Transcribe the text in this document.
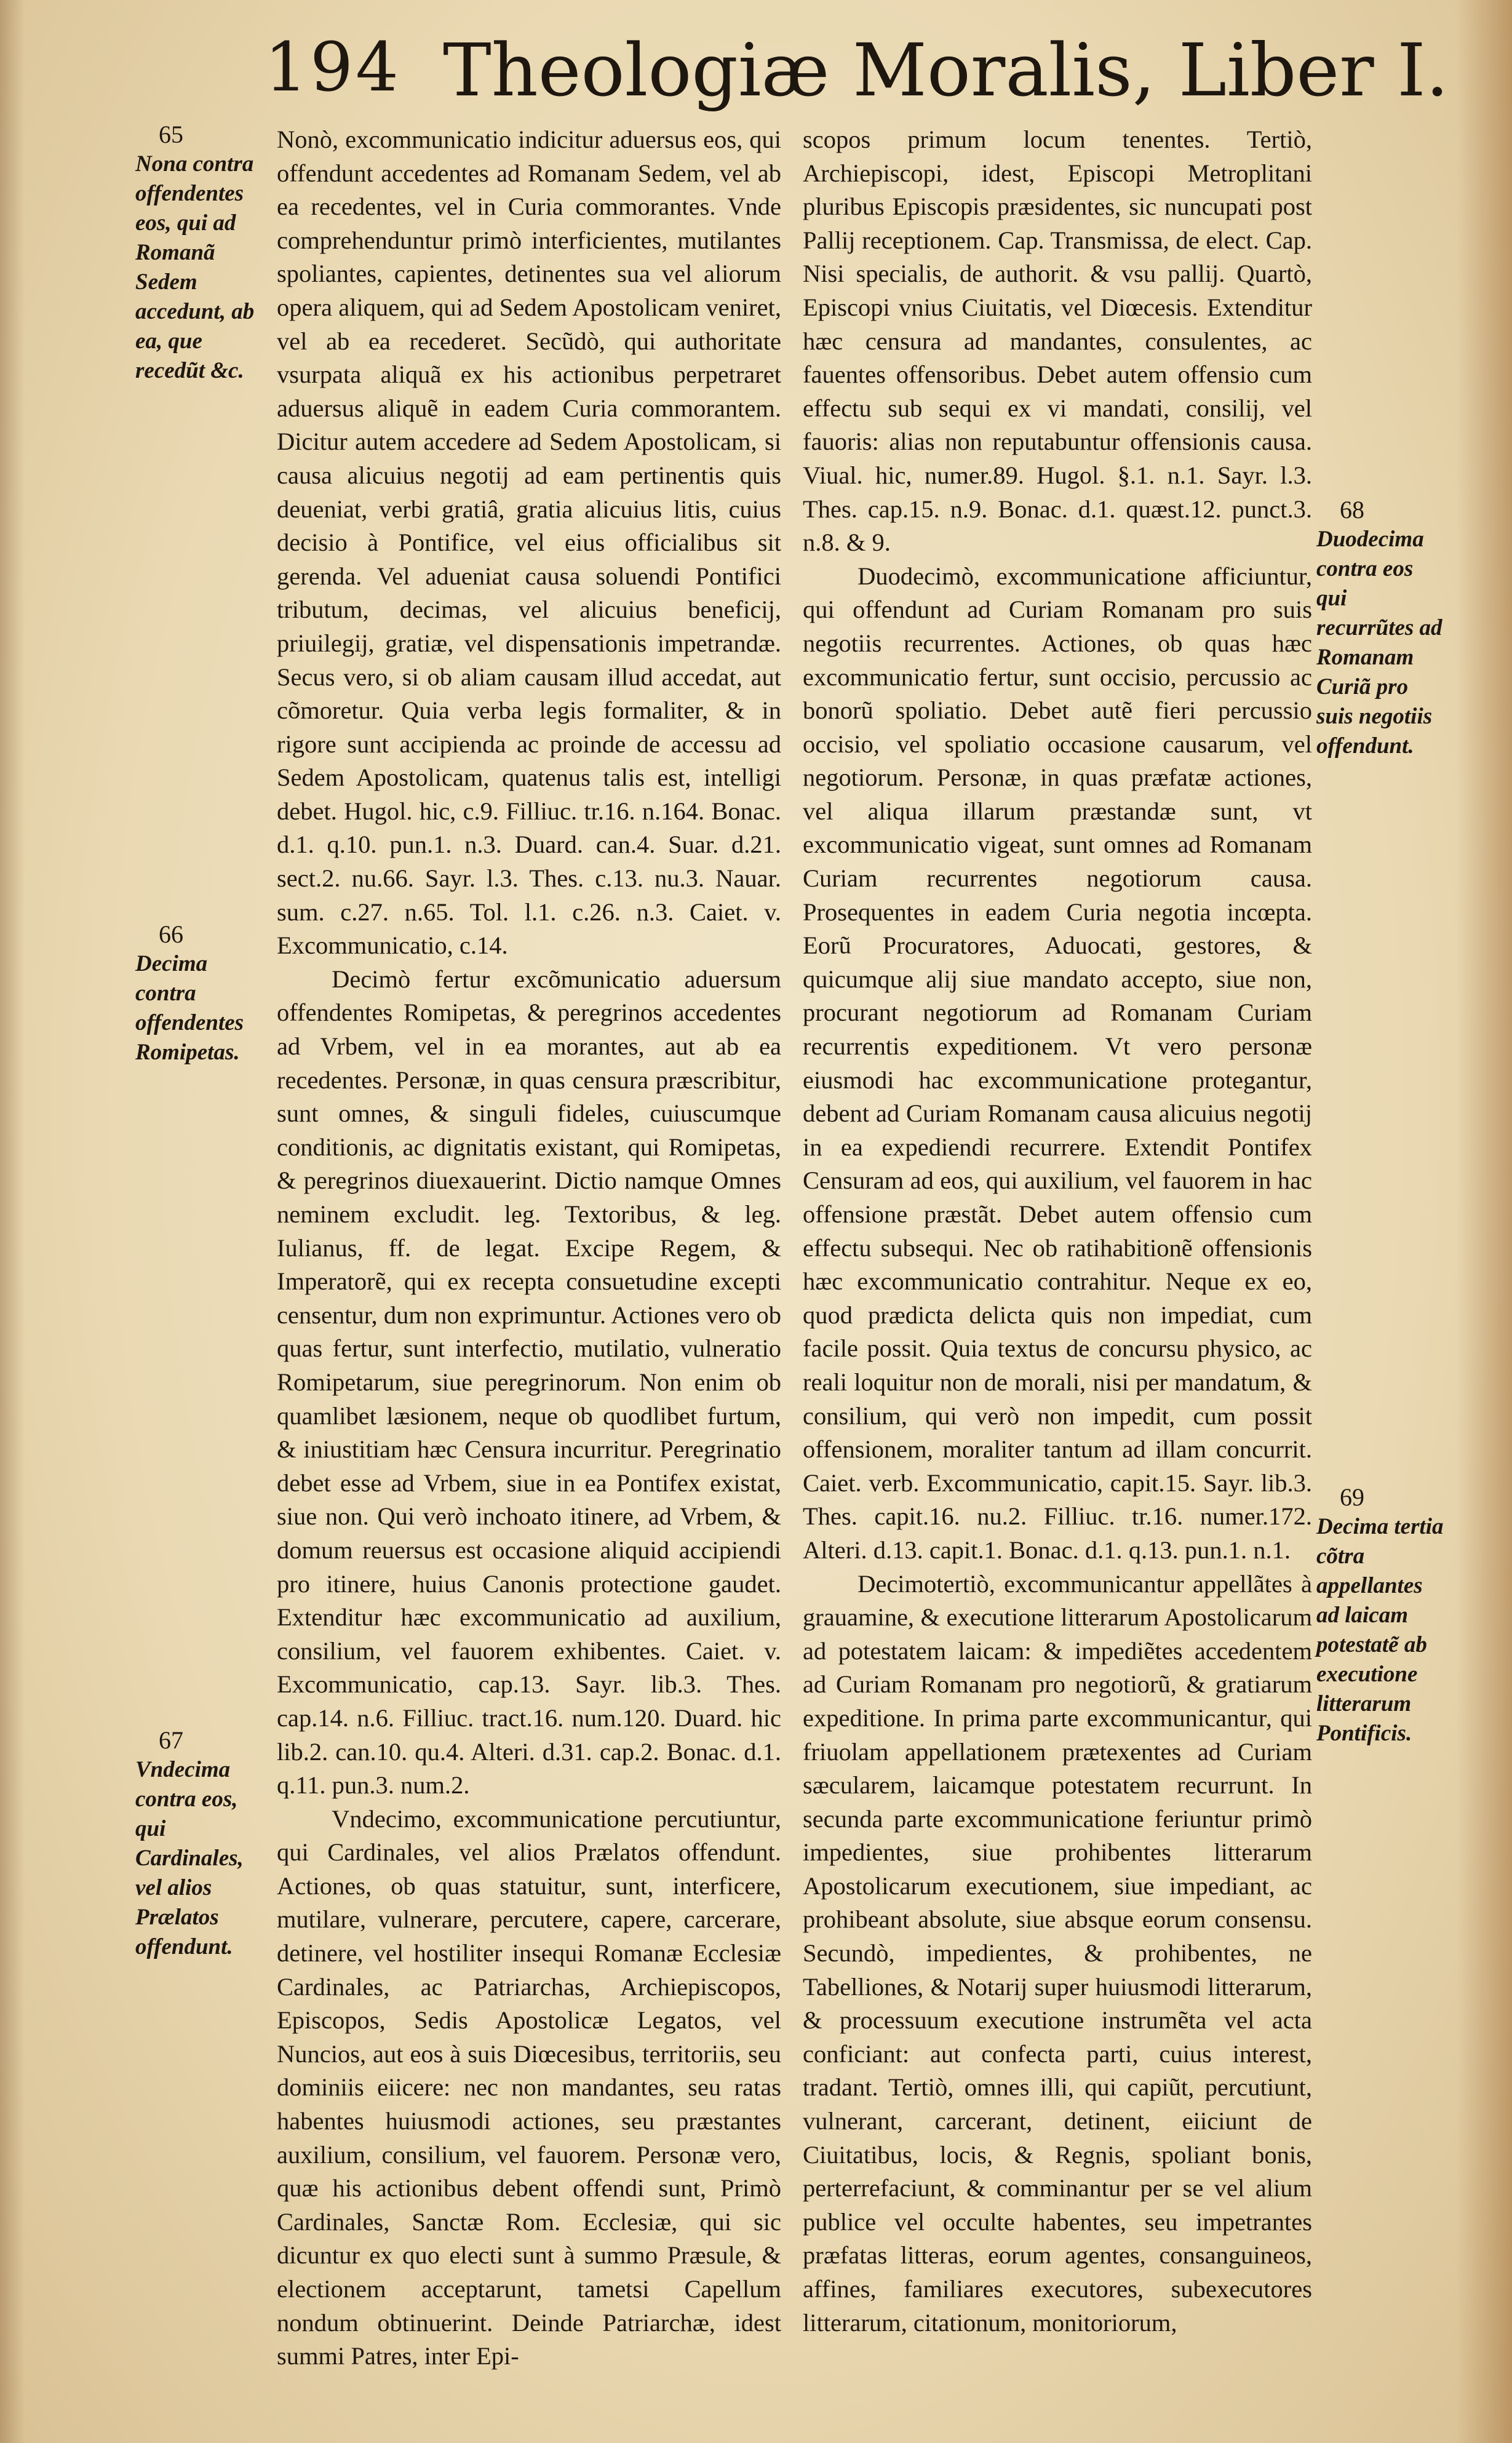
194 Theologiæ Moralis, Liber I.
65
Nona contra offendentes eos, qui ad Romanã Sedem accedunt, ab ea, que recedũt &c.
66
Decima contra offendentes Romipetas.
67
Vndecima contra eos, qui Cardinales, vel alios Prælatos offendunt.
68
Duodecima contra eos qui recurrũtes ad Romanam Curiã pro suis negotiis offendunt.
69
Decima tertia cõtra appellantes ad laicam potestatẽ ab executione litterarum Pontificis.

Nonò, excommunicatio indicitur aduersus eos, qui offendunt accedentes ad Romanam Sedem, vel ab ea recedentes, vel in Curia commorantes. Vnde comprehenduntur primò interficientes, mutilantes spoliantes, capientes, detinentes sua vel aliorum opera aliquem, qui ad Sedem Apostolicam veniret, vel ab ea recederet. Secũdò, qui authoritate vsurpata aliquã ex his actionibus perpetraret aduersus aliquẽ in eadem Curia commorantem. Dicitur autem accedere ad Sedem Apostolicam, si causa alicuius negotij ad eam pertinentis quis deueniat, verbi gratiâ, gratia alicuius litis, cuius decisio à Pontifice, vel eius officialibus sit gerenda. Vel adueniat causa soluendi Pontifici tributum, decimas, vel alicuius beneficij, priuilegij, gratiæ, vel dispensationis impetrandæ. Secus vero, si ob aliam causam illud accedat, aut cõmoretur. Quia verba legis formaliter, & in rigore sunt accipienda ac proinde de accessu ad Sedem Apostolicam, quatenus talis est, intelligi debet. Hugol. hic, c.9. Filliuc. tr.16. n.164. Bonac. d.1. q.10. pun.1. n.3. Duard. can.4. Suar. d.21. sect.2. nu.66. Sayr. l.3. Thes. c.13. nu.3. Nauar. sum. c.27. n.65. Tol. l.1. c.26. n.3. Caiet. v. Excommunicatio, c.14.

Decimò fertur excõmunicatio aduersum offendentes Romipetas, & peregrinos accedentes ad Vrbem, vel in ea morantes, aut ab ea recedentes. Personæ, in quas censura præscribitur, sunt omnes, & singuli fideles, cuiuscumque conditionis, ac dignitatis existant, qui Romipetas, & peregrinos diuexauerint. Dictio namque Omnes neminem excludit. leg. Textoribus, & leg. Iulianus, ff. de legat. Excipe Regem, & Imperatorẽ, qui ex recepta consuetudine excepti censentur, dum non exprimuntur. Actiones vero ob quas fertur, sunt interfectio, mutilatio, vulneratio Romipetarum, siue peregrinorum. Non enim ob quamlibet læsionem, neque ob quodlibet furtum, & iniustitiam hæc Censura incurritur. Peregrinatio debet esse ad Vrbem, siue in ea Pontifex existat, siue non. Qui verò inchoato itinere, ad Vrbem, & domum reuersus est occasione aliquid accipiendi pro itinere, huius Canonis protectione gaudet. Extenditur hæc excommunicatio ad auxilium, consilium, vel fauorem exhibentes. Caiet. v. Excommunicatio, cap.13. Sayr. lib.3. Thes. cap.14. n.6. Filliuc. tract.16. num.120. Duard. hic lib.2. can.10. qu.4. Alteri. d.31. cap.2. Bonac. d.1. q.11. pun.3. num.2.

Vndecimo, excommunicatione percutiuntur, qui Cardinales, vel alios Prælatos offendunt. Actiones, ob quas statuitur, sunt, interficere, mutilare, vulnerare, percutere, capere, carcerare, detinere, vel hostiliter insequi Romanæ Ecclesiæ Cardinales, ac Patriarchas, Archiepiscopos, Episcopos, Sedis Apostolicæ Legatos, vel Nuncios, aut eos à suis Diœcesibus, territoriis, seu dominiis eiicere: nec non mandantes, seu ratas habentes huiusmodi actiones, seu præstantes auxilium, consilium, vel fauorem. Personæ vero, quæ his actionibus debent offendi sunt, Primò Cardinales, Sanctæ Rom. Ecclesiæ, qui sic dicuntur ex quo electi sunt à summo Præsule, & electionem acceptarunt, tametsi Capellum nondum obtinuerint. Deinde Patriarchæ, idest summi Patres, inter Epi-

scopos primum locum tenentes. Tertiò, Archiepiscopi, idest, Episcopi Metroplitani pluribus Episcopis præsidentes, sic nuncupati post Pallij receptionem. Cap. Transmissa, de elect. Cap. Nisi specialis, de authorit. & vsu pallij. Quartò, Episcopi vnius Ciuitatis, vel Diœcesis. Extenditur hæc censura ad mandantes, consulentes, ac fauentes offensoribus. Debet autem offensio cum effectu sub sequi ex vi mandati, consilij, vel fauoris: alias non reputabuntur offensionis causa. Viual. hic, numer.89. Hugol. §.1. n.1. Sayr. l.3. Thes. cap.15. n.9. Bonac. d.1. quæst.12. punct.3. n.8. & 9.

Duodecimò, excommunicatione afficiuntur, qui offendunt ad Curiam Romanam pro suis negotiis recurrentes. Actiones, ob quas hæc excommunicatio fertur, sunt occisio, percussio ac bonorũ spoliatio. Debet autẽ fieri percussio occisio, vel spoliatio occasione causarum, vel negotiorum. Personæ, in quas præfatæ actiones, vel aliqua illarum præstandæ sunt, vt excommunicatio vigeat, sunt omnes ad Romanam Curiam recurrentes negotiorum causa. Prosequentes in eadem Curia negotia incœpta. Eorũ Procuratores, Aduocati, gestores, & quicumque alij siue mandato accepto, siue non, procurant negotiorum ad Romanam Curiam recurrentis expeditionem. Vt vero personæ eiusmodi hac excommunicatione protegantur, debent ad Curiam Romanam causa alicuius negotij in ea expediendi recurrere. Extendit Pontifex Censuram ad eos, qui auxilium, vel fauorem in hac offensione præstãt. Debet autem offensio cum effectu subsequi. Nec ob ratihabitionẽ offensionis hæc excommunicatio contrahitur. Neque ex eo, quod prædicta delicta quis non impediat, cum facile possit. Quia textus de concursu physico, ac reali loquitur non de morali, nisi per mandatum, & consilium, qui verò non impedit, cum possit offensionem, moraliter tantum ad illam concurrit. Caiet. verb. Excommunicatio, capit.15. Sayr. lib.3. Thes. capit.16. nu.2. Filliuc. tr.16. numer.172. Alteri. d.13. capit.1. Bonac. d.1. q.13. pun.1. n.1.

Decimotertiò, excommunicantur appellãtes à grauamine, & executione litterarum Apostolicarum ad potestatem laicam: & impediẽtes accedentem ad Curiam Romanam pro negotiorũ, & gratiarum expeditione. In prima parte excommunicantur, qui friuolam appellationem prætexentes ad Curiam sæcularem, laicamque potestatem recurrunt. In secunda parte excommunicatione feriuntur primò impedientes, siue prohibentes litterarum Apostolicarum executionem, siue impediant, ac prohibeant absolute, siue absque eorum consensu. Secundò, impedientes, & prohibentes, ne Tabelliones, & Notarij super huiusmodi litterarum, & processuum executione instrumẽta vel acta conficiant: aut confecta parti, cuius interest, tradant. Tertiò, omnes illi, qui capiũt, percutiunt, vulnerant, carcerant, detinent, eiiciunt de Ciuitatibus, locis, & Regnis, spoliant bonis, perterrefaciunt, & comminantur per se vel alium publice vel occulte habentes, seu impetrantes præfatas litteras, eorum agentes, consanguineos, affines, familiares executores, subexecutores litterarum, citationum, monitoriorum,
